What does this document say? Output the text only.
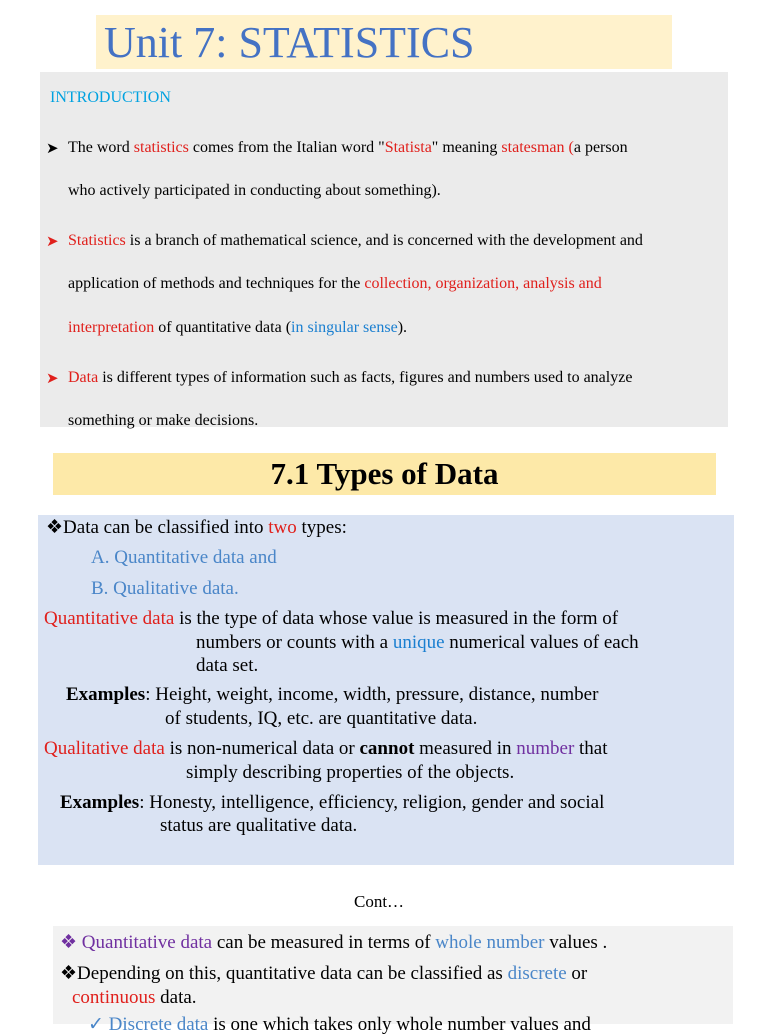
Unit 7: STATISTICS
INTRODUCTION
➤ The word statistics comes from the Italian word "Statista" meaning statesman (a person
who actively participated in conducting about something).
➤ Statistics is a branch of mathematical science, and is concerned with the development and
application of methods and techniques for the collection, organization, analysis and
interpretation of quantitative data (in singular sense).
➤ Data is different types of information such as facts, figures and numbers used to analyze
something or make decisions.
7.1 Types of Data
❖Data can be classified into two types:
A. Quantitative data and
B. Qualitative data.
Quantitative data is the type of data whose value is measured in the form of
numbers or counts with a unique numerical values of each
data set.
Examples: Height, weight, income, width, pressure, distance, number
of students, IQ, etc. are quantitative data.
Qualitative data is non-numerical data or cannot measured in number that
simply describing properties of the objects.
Examples: Honesty, intelligence, efficiency, religion, gender and social
status are qualitative data.
Cont…
❖ Quantitative data can be measured in terms of whole number values .
❖Depending on this, quantitative data can be classified as discrete or
continuous data.
✓ Discrete data is one which takes only whole number values and
